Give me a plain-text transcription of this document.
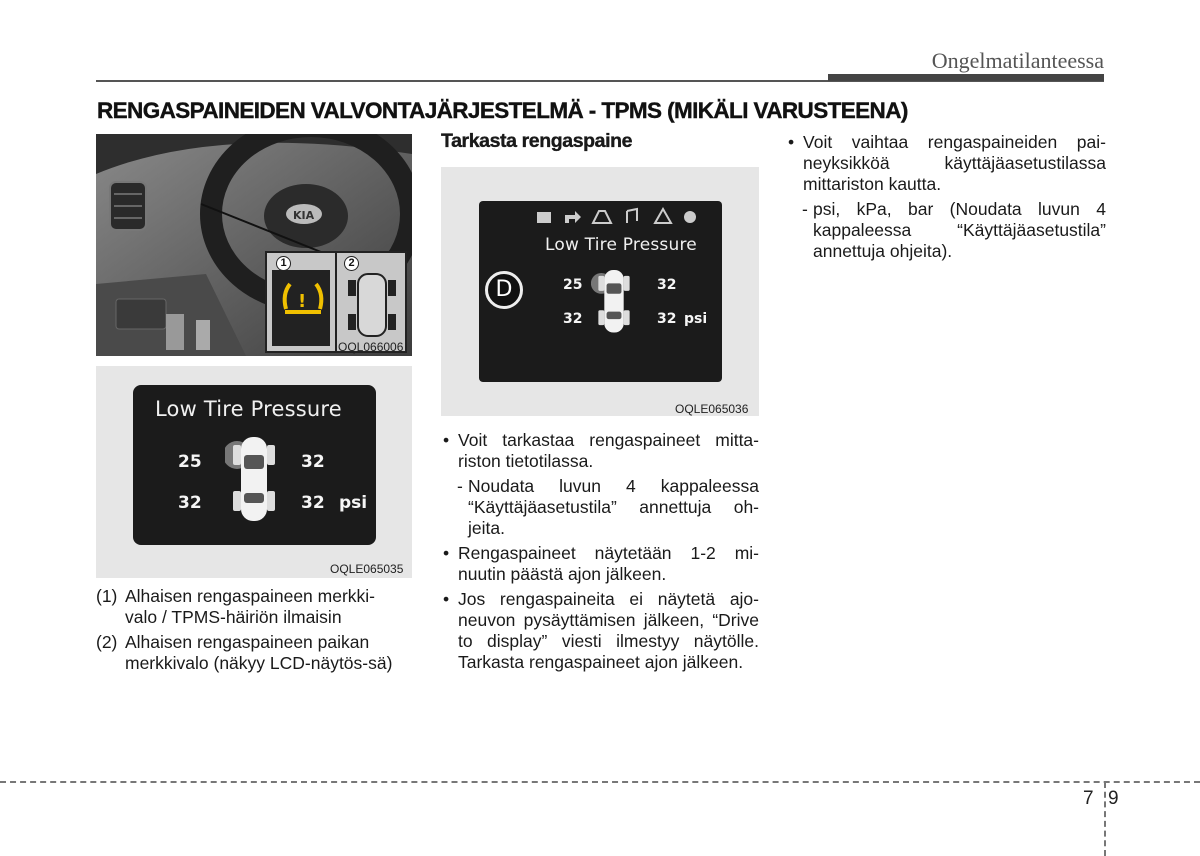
Ongelmatilanteessa
RENGASPAINEIDEN VALVONTAJÄRJESTELMÄ - TPMS (MIKÄLI VARUSTEENA)
KIA
!
1	2
OQL066006
Low Tire Pressure
25	32
32	32 psi
OQLE065035
(1) Alhaisen rengaspaineen merkki-valo / TPMS-häiriön ilmaisin
(2) Alhaisen rengaspaineen paikan merkkivalo (näkyy LCD-näytös-sä)
Tarkasta rengaspaine
Low Tire Pressure
D	25	32
32	32 psi
OQLE065036
• Voit tarkastaa rengaspaineet mitta-riston tietotilassa.
- Noudata luvun 4 kappaleessa “Käyttäjäasetustila” annettuja oh-jeita.
• Rengaspaineet näytetään 1-2 mi-nuutin päästä ajon jälkeen.
• Jos rengaspaineita ei näytetä ajo-neuvon pysäyttämisen jälkeen, “Drive to display” viesti ilmestyy näytölle. Tarkasta rengaspaineet ajon jälkeen.
• Voit vaihtaa rengaspaineiden pai-neyksikköä käyttäjäasetustilassa mittariston kautta.
- psi, kPa, bar (Noudata luvun 4 kappaleessa “Käyttäjäasetustila” annettuja ohjeita).
7 9
